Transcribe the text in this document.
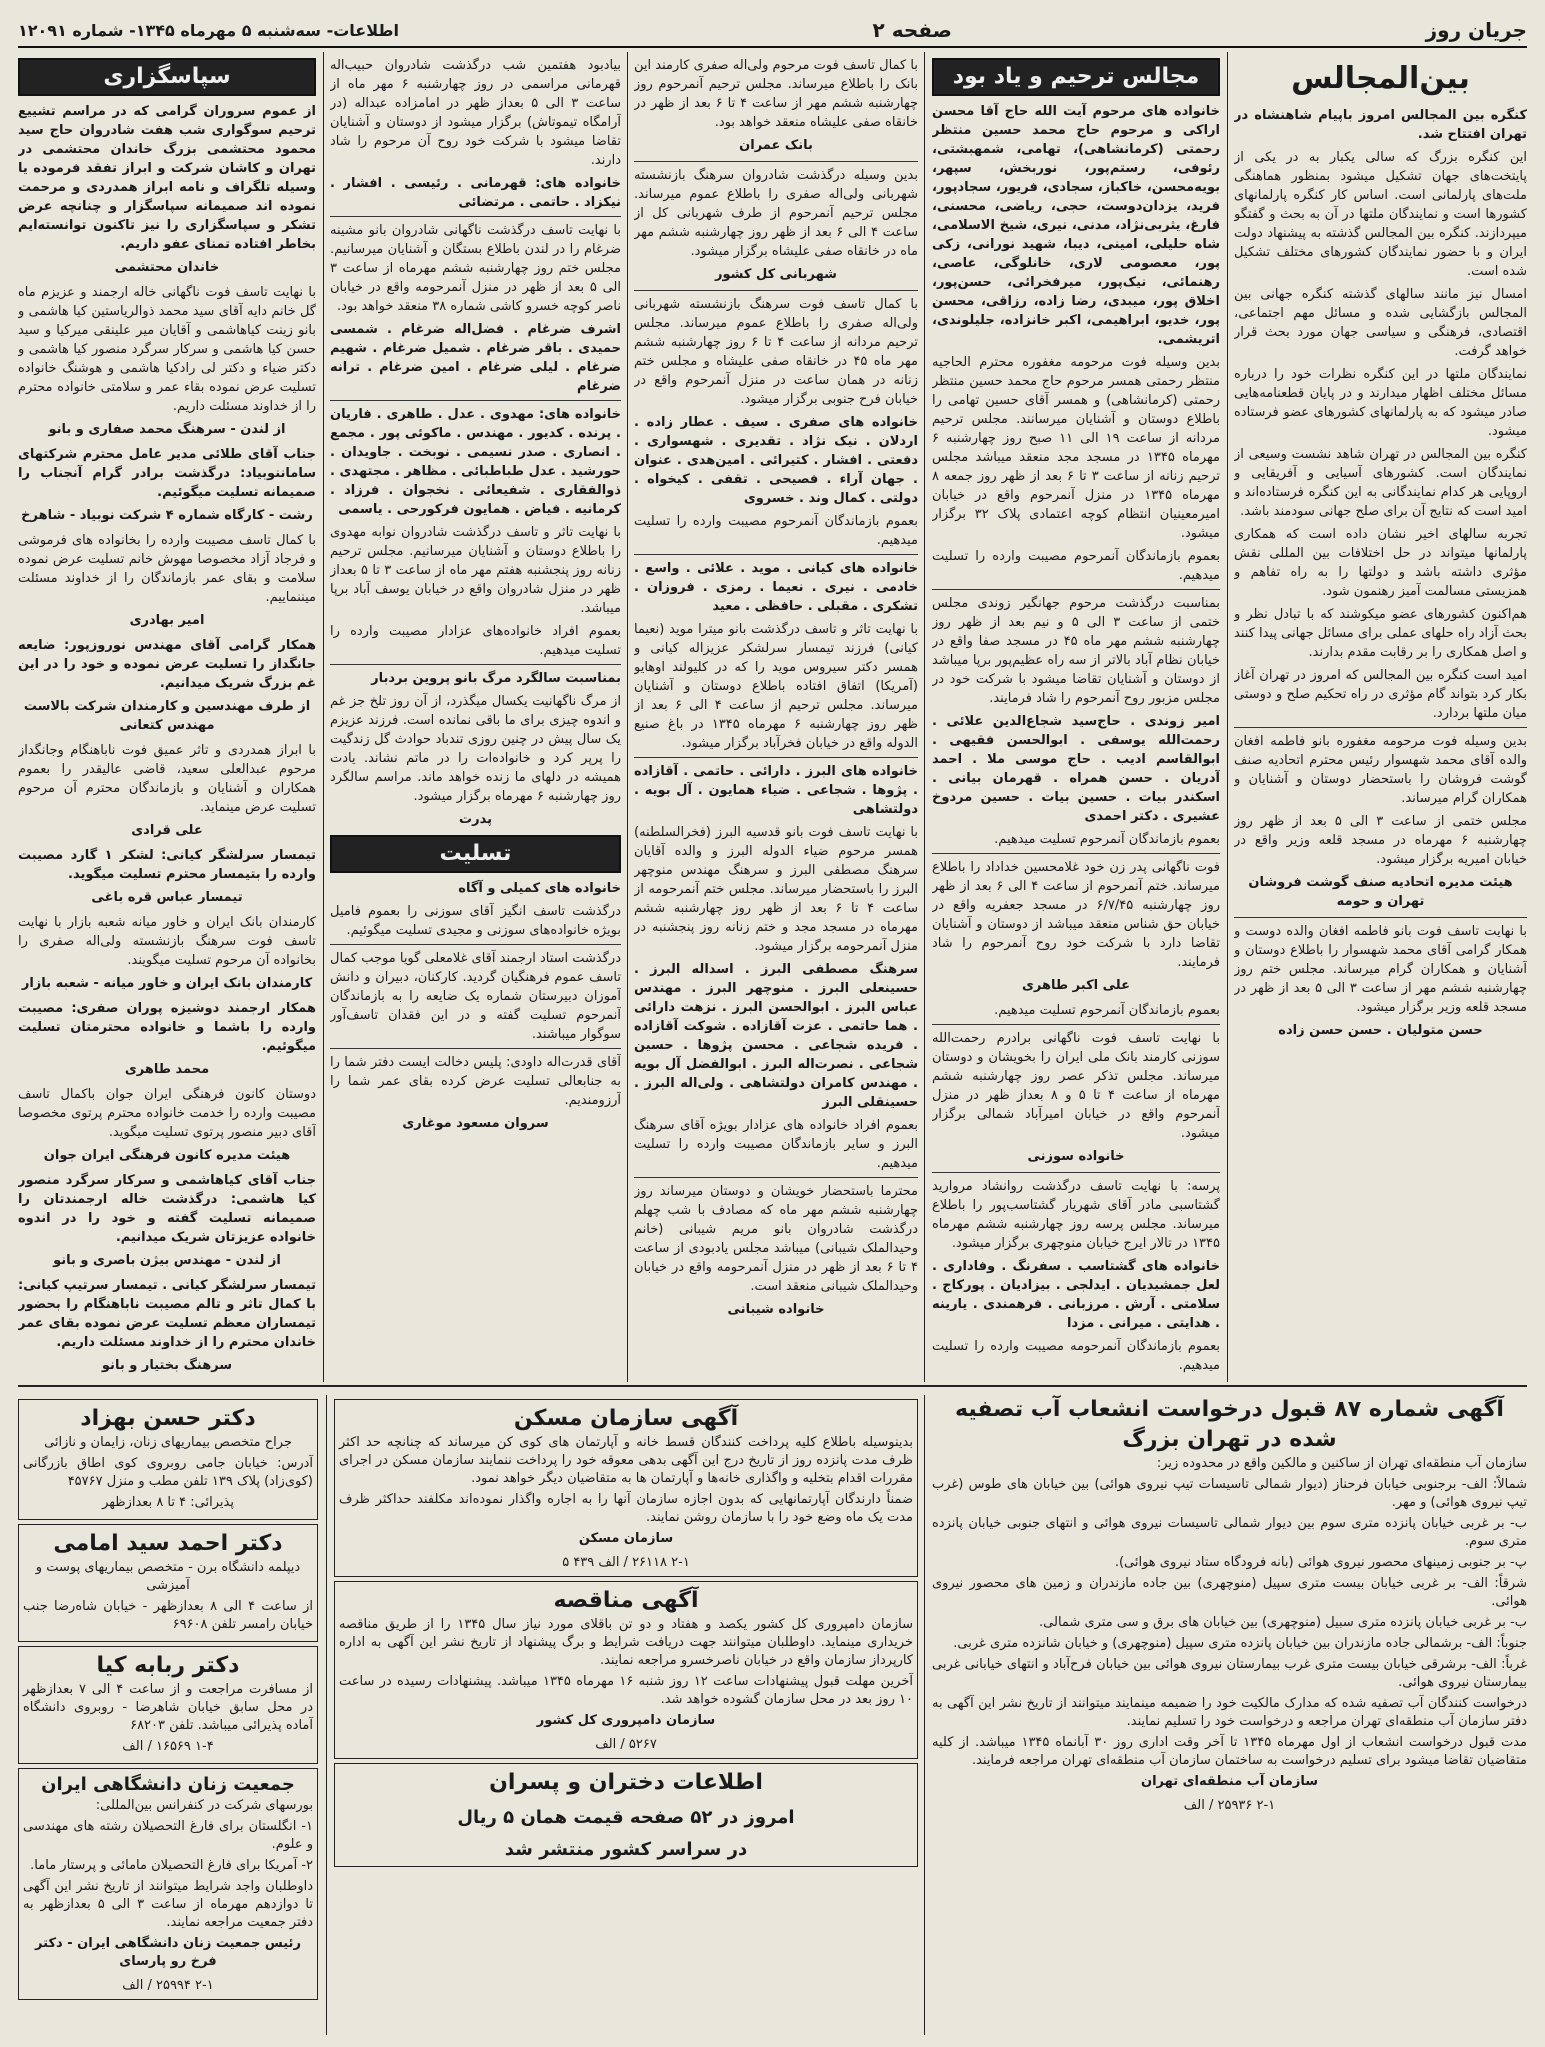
جریان روز
صفحه ۲
اطلاعات- سه‌شنبه ۵ مهرماه ۱۳۴۵- شماره ۱۲۰۹۱
بین‌المجالس

کنگره بین المجالس امروز باپیام شاهنشاه در تهران افتتاح شد.

این کنگره بزرگ که سالی یکبار به در یکی از پایتخت‌های جهان تشکیل میشود بمنظور هماهنگی ملت‌های پارلمانی است. اساس کار کنگره پارلمانهای کشورها است و نمایندگان ملتها در آن به بحث و گفتگو میپردازند. کنگره بین المجالس گذشته به پیشنهاد دولت ایران و با حضور نمایندگان کشورهای مختلف تشکیل شده است.

امسال نیز مانند سالهای گذشته کنگره جهانی بین المجالس بازگشایی شده و مسائل مهم اجتماعی، اقتصادی، فرهنگی و سیاسی جهان مورد بحث قرار خواهد گرفت.

نمایندگان ملتها در این کنگره نظرات خود را درباره مسائل مختلف اظهار میدارند و در پایان قطعنامه‌هایی صادر میشود که به پارلمانهای کشورهای عضو فرستاده میشود.

کنگره بین المجالس در تهران شاهد نشست وسیعی از نمایندگان است. کشورهای آسیایی و آفریقایی و اروپایی هر کدام نمایندگانی به این کنگره فرستاده‌اند و امید است که نتایج آن برای صلح جهانی سودمند باشد.

تجربه سالهای اخیر نشان داده است که همکاری پارلمانها میتواند در حل اختلافات بین المللی نقش مؤثری داشته باشد و دولتها را به راه تفاهم و همزیستی مسالمت آمیز رهنمون شود.

هم‌اکنون کشورهای عضو میکوشند که با تبادل نظر و بحث آزاد راه حلهای عملی برای مسائل جهانی پیدا کنند و اصل همکاری را بر رقابت مقدم بدارند.

امید است کنگره بین المجالس که امروز در تهران آغاز بکار کرد بتواند گام مؤثری در راه تحکیم صلح و دوستی میان ملتها بردارد.

بدین وسیله فوت مرحومه مغفوره بانو فاطمه افغان والده آقای محمد شهسوار رئیس محترم اتحادیه صنف گوشت فروشان را باستحضار دوستان و آشنایان و همکاران گرام میرساند.

مجلس ختمی از ساعت ۳ الی ۵ بعد از ظهر روز چهارشنبه ۶ مهرماه در مسجد قلعه وزیر واقع در خیابان امیریه برگزار میشود.

هیئت مدیره اتحادیه صنف گوشت فروشان تهران و حومه

با نهایت تاسف فوت بانو فاطمه افغان والده دوست و همکار گرامی آقای محمد شهسوار را باطلاع دوستان و آشنایان و همکاران گرام میرساند. مجلس ختم روز چهارشنبه ششم مهر از ساعت ۳ الی ۵ بعد از ظهر در مسجد قلعه وزیر برگزار میشود.

حسن متولیان . حسن حسن زاده
مجالس ترحیم و یاد بود

خانواده های مرحوم آیت الله حاج آقا محسن اراکی و مرحوم حاج محمد حسین منتظر رحمتی (کرمانشاهی)، تهامی، شمهبشتی، رئوفی، رستم‌پور، نوربخش، سپهر، بویه‌محسن، خاکباز، سجادی، فریور، سجادپور، فرید، یزدان‌دوست، حجی، ریاضی، محسنی، فارغ، یثربی‌نژاد، مدنی، نیری، شیخ الاسلامی، شاه حلیلی، امینی، دیبا، شهید نورانی، زکی پور، معصومی لاری، خانلوگی، عاصی، رهنمائی، نیک‌پور، میرفخرائی، حسن‌پور، اخلاق پور، میبدی، رضا زاده، رزاقی، محسن پور، خدیو، ابراهیمی، اکبر خانزاده، جلیلوندی، اتریشمی.

بدین وسیله فوت مرحومه مغفوره محترم الحاجیه منتظر رحمتی همسر مرحوم حاج محمد حسین منتظر رحمتی (کرمانشاهی) و همسر آقای حسین تهامی را باطلاع دوستان و آشنایان میرسانند. مجلس ترحیم مردانه از ساعت ۱۹ الی ۱۱ صبح روز چهارشنبه ۶ مهرماه ۱۳۴۵ در مسجد مجد منعقد میباشد مجلس ترحیم زنانه از ساعت ۳ تا ۶ بعد از ظهر روز جمعه ۸ مهرماه ۱۳۴۵ در منزل آنمرحوم واقع در خیابان امیرمعینیان انتظام کوچه اعتمادی پلاک ۳۲ برگزار میشود.

بعموم بازماندگان آنمرحوم مصیبت وارده را تسلیت میدهیم.

بمناسبت درگذشت مرحوم جهانگیر زوندی مجلس ختمی از ساعت ۳ الی ۵ و نیم بعد از ظهر روز چهارشنبه ششم مهر ماه ۴۵ در مسجد صفا واقع در خیابان نظام آباد بالاتر از سه راه عظیم‌پور برپا میباشد از دوستان و آشنایان تقاضا میشود با شرکت خود در مجلس مزبور روح آنمرحوم را شاد فرمایند.

امیر زوندی . حاج‌سید شجاع‌الدین علائی . رحمت‌الله یوسفی . ابوالحسن فقیهی . ابوالقاسم ادیب . حاج موسی ملا . احمد آدریان . حسن همراه . قهرمان بیانی . اسکندر بیات . حسین بیات . حسین مردوخ عشیری . دکتر احمدی

بعموم بازماندگان آنمرحوم تسلیت میدهیم.

فوت ناگهانی پدر زن خود غلامحسین خداداد را باطلاع میرساند. ختم آنمرحوم از ساعت ۴ الی ۶ بعد از ظهر روز چهارشنبه ۶/۷/۴۵ در مسجد جعفریه واقع در خیابان حق شناس منعقد میباشد از دوستان و آشنایان تقاضا دارد با شرکت خود روح آنمرحوم را شاد فرمایند.

علی اکبر طاهری

بعموم بازماندگان آنمرحوم تسلیت میدهیم.

با نهایت تاسف فوت ناگهانی برادرم رحمت‌الله سوزنی کارمند بانک ملی ایران را بخویشان و دوستان میرساند. مجلس تذکر عصر روز چهارشنبه ششم مهرماه از ساعت ۴ تا ۵ و ۸ بعداز ظهر در منزل آنمرحوم واقع در خیابان امیرآباد شمالی برگزار میشود.

خانواده سوزنی

پرسه: با نهایت تاسف درگذشت روانشاد مروارید گشتاسبی مادر آقای شهریار گشتاسب‌پور را باطلاع میرساند. مجلس پرسه روز چهارشنبه ششم مهرماه ۱۳۴۵ در تالار ایرج خیابان منوچهری برگزار میشود.

خانواده های گشتاسب . سفرنگ . وفاداری . لعل جمشیدیان . ایدلجی . بیزادیان . پورکاج . سلامتی . آرش . مرزبانی . فرهمندی . یارینه . هدایتی . میرانی . مزدا

بعموم بازماندگان آنمرحومه مصیبت وارده را تسلیت میدهیم.

با کمال تاسف فوت مرحوم ولی‌اله صفری کارمند این بانک را باطلاع میرساند. مجلس ترحیم آنمرحوم روز چهارشنبه ششم مهر از ساعت ۴ تا ۶ بعد از ظهر در خانقاه صفی علیشاه منعقد خواهد بود.

بانک عمران

بدین وسیله درگذشت شادروان سرهنگ بازنشسته شهربانی ولی‌اله صفری را باطلاع عموم میرساند. مجلس ترحیم آنمرحوم از طرف شهربانی کل از ساعت ۴ الی ۶ بعد از ظهر روز چهارشنبه ششم مهر ماه در خانقاه صفی علیشاه برگزار میشود.

شهربانی کل کشور

با کمال تاسف فوت سرهنگ بازنشسته شهربانی ولی‌اله صفری را باطلاع عموم میرساند. مجلس ترحیم مردانه از ساعت ۴ تا ۶ روز چهارشنبه ششم مهر ماه ۴۵ در خانقاه صفی علیشاه و مجلس ختم زنانه در همان ساعت در منزل آنمرحوم واقع در خیابان فرح جنوبی برگزار میشود.

خانواده های صفری . سیف . عطار زاده . اردلان . نیک نژاد . تقدیری . شهسواری . دفعتی . افشار . کتیرائی . امین‌هدی . عنوان . جهان آراء . فصیحی . تقفی . کیخواه . دولتی . کمال وند . خسروی

بعموم بازماندگان آنمرحوم مصیبت وارده را تسلیت میدهیم.

خانواده های کیانی . موید . علائی . واسع . خادمی . نیری . نعیما . رمزی . فروزان . تشکری . مقبلی . حافظی . معید

با نهایت تاثر و تاسف درگذشت بانو میترا موید (نعیما کیانی) فرزند تیمسار سرلشکر عزیزاله کیانی و همسر دکتر سیروس موید را که در کلیولند اوهایو (آمریکا) اتفاق افتاده باطلاع دوستان و آشنایان میرساند. مجلس ترحیم از ساعت ۴ الی ۶ بعد از ظهر روز چهارشنبه ۶ مهرماه ۱۳۴۵ در باغ صنیع الدوله واقع در خیابان فخرآباد برگزار میشود.

خانواده های البرز . دارائی . حاتمی . آقازاده . پژوها . شجاعی . ضیاء همایون . آل بویه . دولتشاهی

با نهایت تاسف فوت بانو قدسیه البرز (فخرالسلطنه) همسر مرحوم ضیاء الدوله البرز و والده آقایان سرهنگ مصطفی البرز و سرهنگ مهندس منوچهر البرز را باستحضار میرساند. مجلس ختم آنمرحومه از ساعت ۴ تا ۶ بعد از ظهر روز چهارشنبه ششم مهرماه در مسجد مجد و ختم زنانه روز پنجشنبه در منزل آنمرحومه برگزار میشود.

سرهنگ مصطفی البرز . اسداله البرز . حسینعلی البرز . منوچهر البرز . مهندس عباس البرز . ابوالحسن البرز . نزهت دارائی . هما حاتمی . عزت آقازاده . شوکت آقازاده . فریده شجاعی . محسن پژوها . حسین شجاعی . نصرت‌اله البرز . ابوالفضل آل بویه . مهندس کامران دولتشاهی . ولی‌اله البرز . حسینقلی البرز

بعموم افراد خانواده های عزادار بویژه آقای سرهنگ البرز و سایر بازماندگان مصیبت وارده را تسلیت میدهیم.

محترما باستحضار خویشان و دوستان میرساند روز چهارشنبه ششم مهر ماه که مصادف با شب چهلم درگذشت شادروان بانو مریم شیبانی (خانم وحیدالملک شیبانی) میباشد مجلس یادبودی از ساعت ۴ تا ۶ بعد از ظهر در منزل آنمرحومه واقع در خیابان وحیدالملک شیبانی منعقد است.

خانواده شیبانی

بیادبود هفتمین شب درگذشت شادروان حبیب‌اله قهرمانی مراسمی در روز چهارشنبه ۶ مهر ماه از ساعت ۳ الی ۵ بعداز ظهر در امامزاده عبداله (در آرامگاه تیموتاش) برگزار میشود از دوستان و آشنایان تقاضا میشود با شرکت خود روح آن مرحوم را شاد دارند.

خانواده های: قهرمانی . رئیسی . افشار . نیکزاد . حاتمی . مرتضائی

با نهایت تاسف درگذشت ناگهانی شادروان بانو مشینه ضرغام را در لندن باطلاع بستگان و آشنایان میرسانیم. مجلس ختم روز چهارشنبه ششم مهرماه از ساعت ۳ الی ۵ بعد از ظهر در منزل آنمرحومه واقع در خیابان ناصر کوچه خسرو کاشی شماره ۳۸ منعقد خواهد بود.

اشرف ضرغام . فضل‌اله ضرغام . شمسی حمیدی . باقر ضرغام . شمیل ضرغام . شهیم ضرغام . لیلی ضرغام . امین ضرغام . ترانه ضرغام

خانواده های: مهدوی . عدل . طاهری . فاریان . پرنده . کدیور . مهندس . ماکوئی پور . مجمع . انصاری . صدر نسیمی . نوبخت . جاویدان . حورشید . عدل طباطبائی . مظاهر . مجتهدی . ذوالفقاری . شفیعائی . نخجوان . فرزاد . کرمانیه . فیاض . همایون فرکورحی . یاسمی

با نهایت تاثر و تاسف درگذشت شادروان نوابه مهدوی را باطلاع دوستان و آشنایان میرسانیم. مجلس ترحیم زنانه روز پنجشنبه هفتم مهر ماه از ساعت ۳ تا ۵ بعداز ظهر در منزل شادروان واقع در خیابان یوسف آباد برپا میباشد.

بعموم افراد خانواده‌های عزادار مصیبت وارده را تسلیت میدهیم.

بمناسبت سالگرد مرگ بانو پروین بردبار

از مرگ ناگهانیت یکسال میگذرد، از آن روز تلخ جز غم و اندوه چیزی برای ما باقی نمانده است. فرزند عزیزم یک سال پیش در چنین روزی تندباد حوادث گل زندگیت را پرپر کرد و خانواده‌ات را در ماتم نشاند. یادت همیشه در دلهای ما زنده خواهد ماند. مراسم سالگرد روز چهارشنبه ۶ مهرماه برگزار میشود.

پدرت
تسلیت

خانواده های کمیلی و آگاه

درگذشت تاسف انگیز آقای سوزنی را بعموم فامیل بویژه خانواده‌های سوزنی و مجیدی تسلیت میگوئیم.

درگذشت استاد ارجمند آقای غلامعلی گویا موجب کمال تاسف عموم فرهنگیان گردید. کارکنان، دبیران و دانش آموزان دبیرستان شماره یک ضایعه را به بازماندگان آنمرحوم تسلیت گفته و در این فقدان تاسف‌آور سوگوار میباشند.

آقای قدرت‌اله داودی: پلیس دخالت ایست دفتر شما را به جنابعالی تسلیت عرض کرده بقای عمر شما را آرزومندیم.

سروان مسعود موغاری
سپاسگزاری

از عموم سروران گرامی که در مراسم تشییع ترحیم سوگواری شب هفت شادروان حاج سید محمود محتشمی بزرگ خاندان محتشمی در تهران و کاشان شرکت و ابراز تفقد فرموده یا وسیله تلگراف و نامه ابراز همدردی و مرحمت نموده اند صمیمانه سپاسگزار و چنانچه عرض تشکر و سپاسگزاری را نیز تاکنون توانسته‌ایم بخاطر افتاده تمنای عفو داریم.

خاندان محتشمی

با نهایت تاسف فوت ناگهانی خاله ارجمند و عزیزم ماه گل خانم دایه آقای سید محمد ذوالریاستین کیا هاشمی و بانو زینت کیاهاشمی و آقایان میر علینقی میرکیا و سید حسن کیا هاشمی و سرکار سرگرد منصور کیا هاشمی و دکتر ضیاء و دکتر لی رادکیا هاشمی و هوشنگ خانواده تسلیت عرض نموده بقاء عمر و سلامتی خانواده محترم را از خداوند مسئلت داریم.

از لندن - سرهنگ محمد صفاری و بانو

جناب آقای طلائی مدیر عامل محترم شرکتهای ساماننوبیاد: درگذشت برادر گرام آنجناب را صمیمانه تسلیت میگوئیم.

رشت - کارگاه شماره ۴ شرکت نوبیاد - شاهرخ

با کمال تاسف مصیبت وارده را بخانواده های فرموشی و فرجاد آزاد مخصوصا مهوش خانم تسلیت عرض نموده سلامت و بقای عمر بازماندگان را از خداوند مسئلت میننماییم.

امیر بهادری

همکار گرامی آقای مهندس نوروزپور: ضایعه جانگداز را تسلیت عرض نموده و خود را در این غم بزرگ شریک میدانیم.

از طرف مهندسین و کارمندان شرکت بالاست مهندس کتعانی

با ابراز همدردی و تاثر عمیق فوت ناباهنگام وجانگداز مرحوم عبدالعلی سعید، قاضی عالیقدر را بعموم همکاران و آشنایان و بازماندگان محترم آن مرحوم تسلیت عرض مینماید.

علی قرادی

تیمسار سرلشگر کیانی: لشکر ۱ گارد مصیبت وارده را بتیمسار محترم تسلیت میگوید.

تیمسار عباس قره باغی

کارمندان بانک ایران و خاور میانه شعبه بازار با نهایت تاسف فوت سرهنگ بازنشسته ولی‌اله صفری را بخانواده آن مرحوم تسلیت میگویند.

کارمندان بانک ایران و خاور میانه - شعبه بازار

همکار ارجمند دوشیزه پوران صفری: مصیبت وارده را باشما و خانواده محترمتان تسلیت میگوئیم.

محمد طاهری

دوستان کانون فرهنگی ایران جوان باکمال تاسف مصیبت وارده را خدمت خانواده محترم پرتوی مخصوصا آقای دبیر منصور پرتوی تسلیت میگوید.

هیئت مدیره کانون فرهنگی ایران جوان

جناب آقای کیاهاشمی و سرکار سرگرد منصور کیا هاشمی: درگذشت خاله ارجمندتان را صمیمانه تسلیت گفته و خود را در اندوه خانواده عزیزتان شریک میدانیم.

از لندن - مهندس بیژن باصری و بانو

تیمسار سرلشگر کیانی . تیمسار سرتیپ کیانی: با کمال تاثر و تالم مصیبت ناباهنگام را بحضور تیمساران معظم تسلیت عرض نموده بقای عمر خاندان محترم را از خداوند مسئلت داریم.

سرهنگ بختیار و بانو
آگهی شماره ۸۷ قبول درخواست انشعاب آب تصفیه شده در تهران بزرگ

سازمان آب منطقه‌ای تهران از ساکنین و مالکین واقع در محدوده زیر:

شمالاً: الف- برجنوبی خیابان فرحناز (دیوار شمالی تاسیسات تیپ نیروی هوائی) بین خیابان های طوس (غرب تیپ نیروی هوائی) و مهر.

ب- بر غربی خیابان پانزده متری سوم بین دیوار شمالی تاسیسات نیروی هوائی و انتهای جنوبی خیابان پانزده متری سوم.

پ- بر جنوبی زمینهای محصور نیروی هوائی (بانه فرودگاه ستاد نیروی هوائی).

شرقاً: الف- بر غربی خیابان بیست متری سپیل (منوچهری) بین جاده مازندران و زمین های محصور نیروی هوائی.

ب- بر غربی خیابان پانزده متری سبیل (منوچهری) بین خیابان های برق و سی متری شمالی.

جنوباً: الف- برشمالی جاده مازندران بین خیابان پانزده متری سپیل (منوچهری) و خیابان شانزده متری غربی.

غرباً: الف- برشرقی خیابان بیست متری غرب بیمارستان نیروی هوائی بین خیابان فرح‌آباد و انتهای خیابانی غربی بیمارستان نیروی هوائی.

درخواست کنندگان آب تصفیه شده که مدارک مالکیت خود را ضمیمه مینمایند میتوانند از تاریخ نشر این آگهی به دفتر سازمان آب منطقه‌ای تهران مراجعه و درخواست خود را تسلیم نمایند.

مدت قبول درخواست انشعاب از اول مهرماه ۱۳۴۵ تا آخر وقت اداری روز ۳۰ آبانماه ۱۳۴۵ میباشد. از کلیه متقاضیان تقاضا میشود برای تسلیم درخواست به ساختمان سازمان آب منطقه‌ای تهران مراجعه فرمایند.

سازمان آب منطقه‌ای تهران
۲-۱ ۲۵۹۳۶ / الف
آگهی سازمان مسکن

بدینوسیله باطلاع کلیه پرداخت کنندگان قسط خانه و آپارتمان های کوی کن میرساند که چنانچه حد اکثر ظرف مدت پانزده روز از تاریخ درج این آگهی بدهی معوقه خود را پرداخت ننمایند سازمان مسکن در اجرای مقررات اقدام بتخلیه و واگذاری خانه‌ها و آپارتمان ها به متقاضیان دیگر خواهد نمود.

ضمناً دارندگان آپارتمانهایی که بدون اجازه سازمان آنها را به اجاره واگذار نموده‌اند مکلفند حداکثر ظرف مدت یک ماه وضع خود را با سازمان روشن نمایند.

سازمان مسکن
۲-۱ ۲۶۱۱۸ / الف ۴۳۹ ۵
آگهی مناقصه

سازمان دامپروری کل کشور یکصد و هفتاد و دو تن باقلای مورد نیاز سال ۱۳۴۵ را از طریق مناقصه خریداری مینماید. داوطلبان میتوانند جهت دریافت شرایط و برگ پیشنهاد از تاریخ نشر این آگهی به اداره کارپرداز سازمان واقع در خیابان ناصرخسرو مراجعه نمایند.

آخرین مهلت قبول پیشنهادات ساعت ۱۲ روز شنبه ۱۶ مهرماه ۱۳۴۵ میباشد. پیشنهادات رسیده در ساعت ۱۰ روز بعد در محل سازمان گشوده خواهد شد.

سازمان دامپروری کل کشور
۵۲۶۷ / الف
اطلاعات دختران و پسران
امروز در ۵۲ صفحه قیمت همان ۵ ریال
در سراسر کشور منتشر شد
دکتر حسن بهزاد

جراح متخصص بیماریهای زنان، زایمان و نازائی

آدرس: خیابان جامی روبروی کوی اطاق بازرگانی (کوی‌زاد) پلاک ۱۳۹ تلفن مطب و منزل ۴۵۷۶۷

پذیرائی: ۴ تا ۸ بعدازظهر

دکتر احمد سید امامی

دیپلمه دانشگاه برن - متخصص بیماریهای پوست و آمیزشی

از ساعت ۴ الی ۸ بعدازظهر - خیابان شاه‌رضا جنب خیابان رامسر تلفن ۶۹۶۰۸

دکتر ربابه کیا

از مسافرت مراجعت و از ساعت ۴ الی ۷ بعدازظهر در محل سابق خیابان شاهرضا - روبروی دانشگاه آماده پذیرائی میباشد. تلفن ۶۸۲۰۳

۱-۴ ۱۶۵۶۹ / الف

جمعیت زنان دانشگاهی ایران

بورسهای شرکت در کنفرانس بین‌المللی:

۱- انگلستان برای فارغ التحصیلان رشته های مهندسی و علوم.

۲- آمریکا برای فارغ التحصیلان مامائی و پرستار ماما.

داوطلبان واجد شرایط میتوانند از تاریخ نشر این آگهی تا دوازدهم مهرماه از ساعت ۳ الی ۵ بعدازظهر به دفتر جمعیت مراجعه نمایند.

رئیس جمعیت زنان دانشگاهی ایران - دکتر فرخ رو پارسای
۲-۱ ۲۵۹۹۴ / الف
